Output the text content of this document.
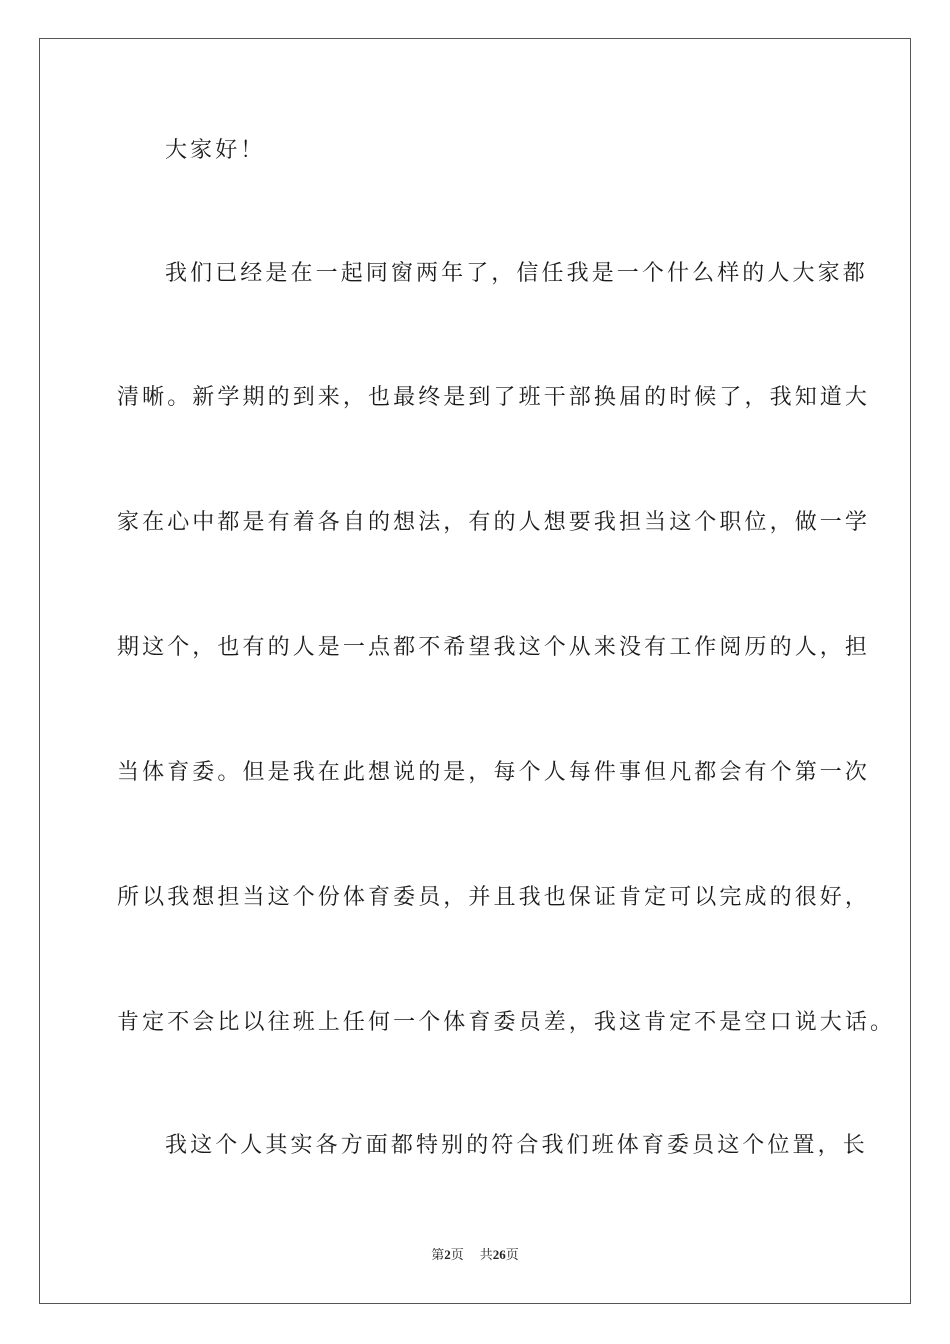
大家好！
我们已经是在一起同窗两年了，信任我是一个什么样的人大家都
清晰。新学期的到来，也最终是到了班干部换届的时候了，我知道大
家在心中都是有着各自的想法，有的人想要我担当这个职位，做一学
期这个，也有的人是一点都不希望我这个从来没有工作阅历的人，担
当体育委。但是我在此想说的是，每个人每件事但凡都会有个第一次
所以我想担当这个份体育委员，并且我也保证肯定可以完成的很好，
肯定不会比以往班上任何一个体育委员差，我这肯定不是空口说大话。
我这个人其实各方面都特别的符合我们班体育委员这个位置，长
第2页 共26页
